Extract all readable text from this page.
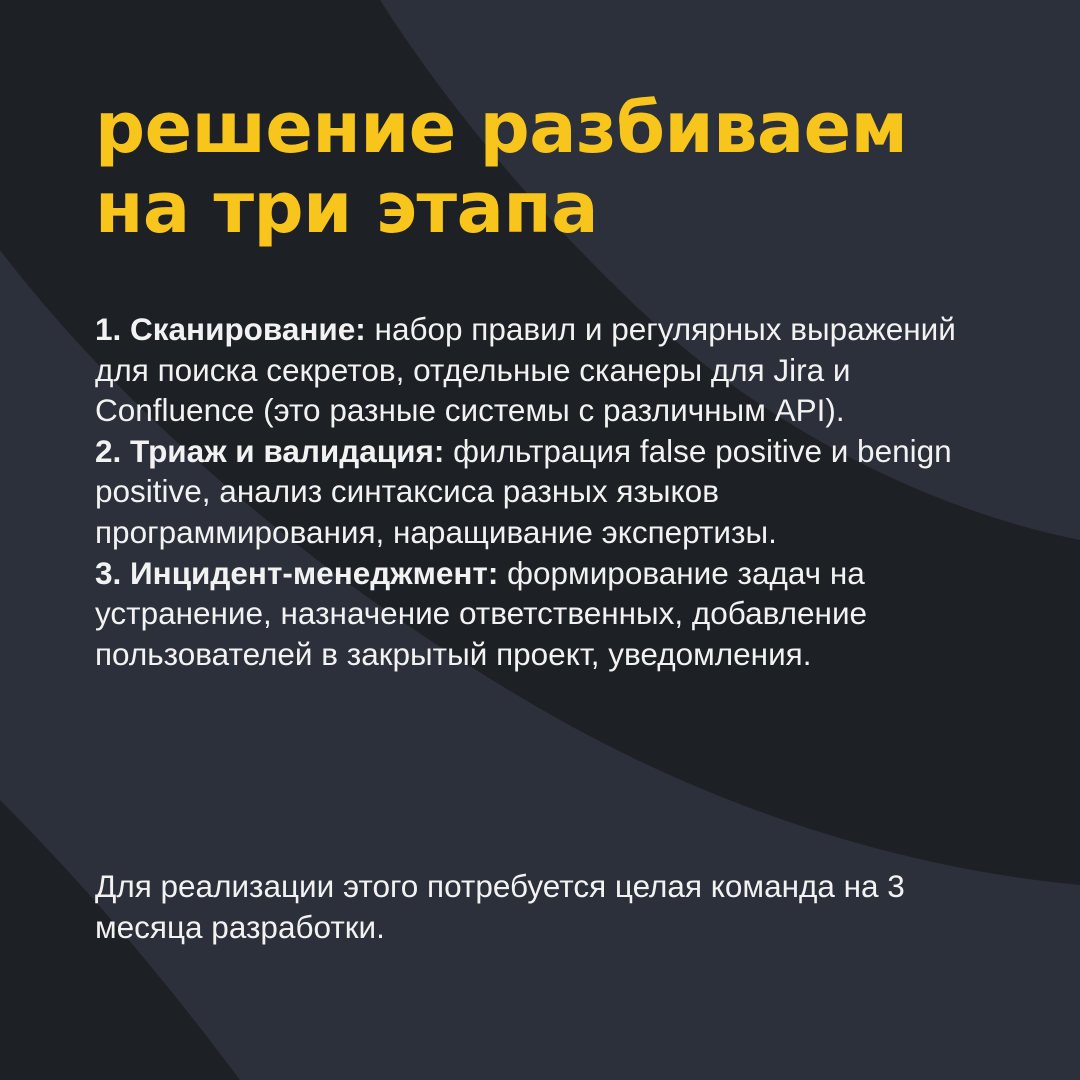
решение разбиваем
на три этапа

1. Сканирование: набор правил и регулярных выражений для поиска секретов, отдельные сканеры для Jira и Confluence (это разные системы с различным API).

2. Триаж и валидация: фильтрация false positive и benign positive, анализ синтаксиса разных языков программирования, наращивание экспертизы.

3. Инцидент-менеджмент: формирование задач на устранение, назначение ответственных, добавление пользователей в закрытый проект, уведомления.

Для реализации этого потребуется целая команда на 3 месяца разработки.
